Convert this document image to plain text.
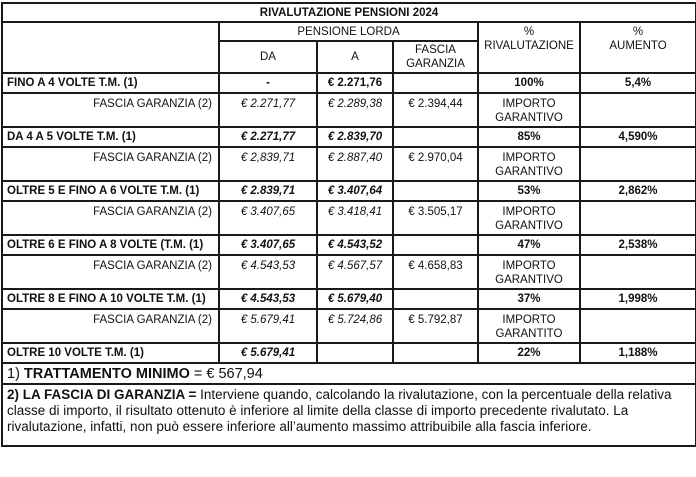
RIVALUTAZIONE PENSIONI 2024					
	PENSIONE LORDA			%
RIVALUTAZIONE	%
AUMENTO
	DA	A	FASCIA
GARANZIA		
FINO A 4 VOLTE T.M. (1)	-	€ 2.271,76		100%	5,4%
FASCIA GARANZIA (2)	€ 2.271,77	€ 2.289,38	€ 2.394,44	IMPORTO
GARANTIVO	
DA 4 A 5 VOLTE T.M. (1)	€ 2.271,77	€ 2.839,70		85%	4,590%
FASCIA GARANZIA (2)	€ 2,839,71	€ 2.887,40	€ 2.970,04	IMPORTO
GARANTIVO	
OLTRE 5 E FINO A 6 VOLTE T.M. (1)	€ 2.839,71	€ 3.407,64		53%	2,862%
FASCIA GARANZIA (2)	€ 3.407,65	€ 3.418,41	€ 3.505,17	IMPORTO
GARANTIVO	
OLTRE 6 E FINO A 8 VOLTE (T.M. (1)	€ 3.407,65	€ 4.543,52		47%	2,538%
FASCIA GARANZIA (2)	€ 4.543,53	€ 4.567,57	€ 4.658,83	IMPORTO
GARANTIVO	
OLTRE 8 E FINO A 10 VOLTE T.M. (1)	€ 4.543,53	€ 5.679,40		37%	1,998%
FASCIA GARANZIA (2)	€ 5.679,41	€ 5.724,86	€ 5.792,87	IMPORTO
GARANTITO	
OLTRE 10 VOLTE T.M. (1)	€ 5.679,41			22%	1,188%
1) TRATTAMENTO MINIMO = € 567,94					
2) LA FASCIA DI GARANZIA = Interviene quando, calcolando la rivalutazione, con la percentuale della relativa classe di importo, il risultato ottenuto è inferiore al limite della classe di importo precedente rivalutato. La rivalutazione, infatti, non può essere inferiore all’aumento massimo attribuibile alla fascia inferiore.					
